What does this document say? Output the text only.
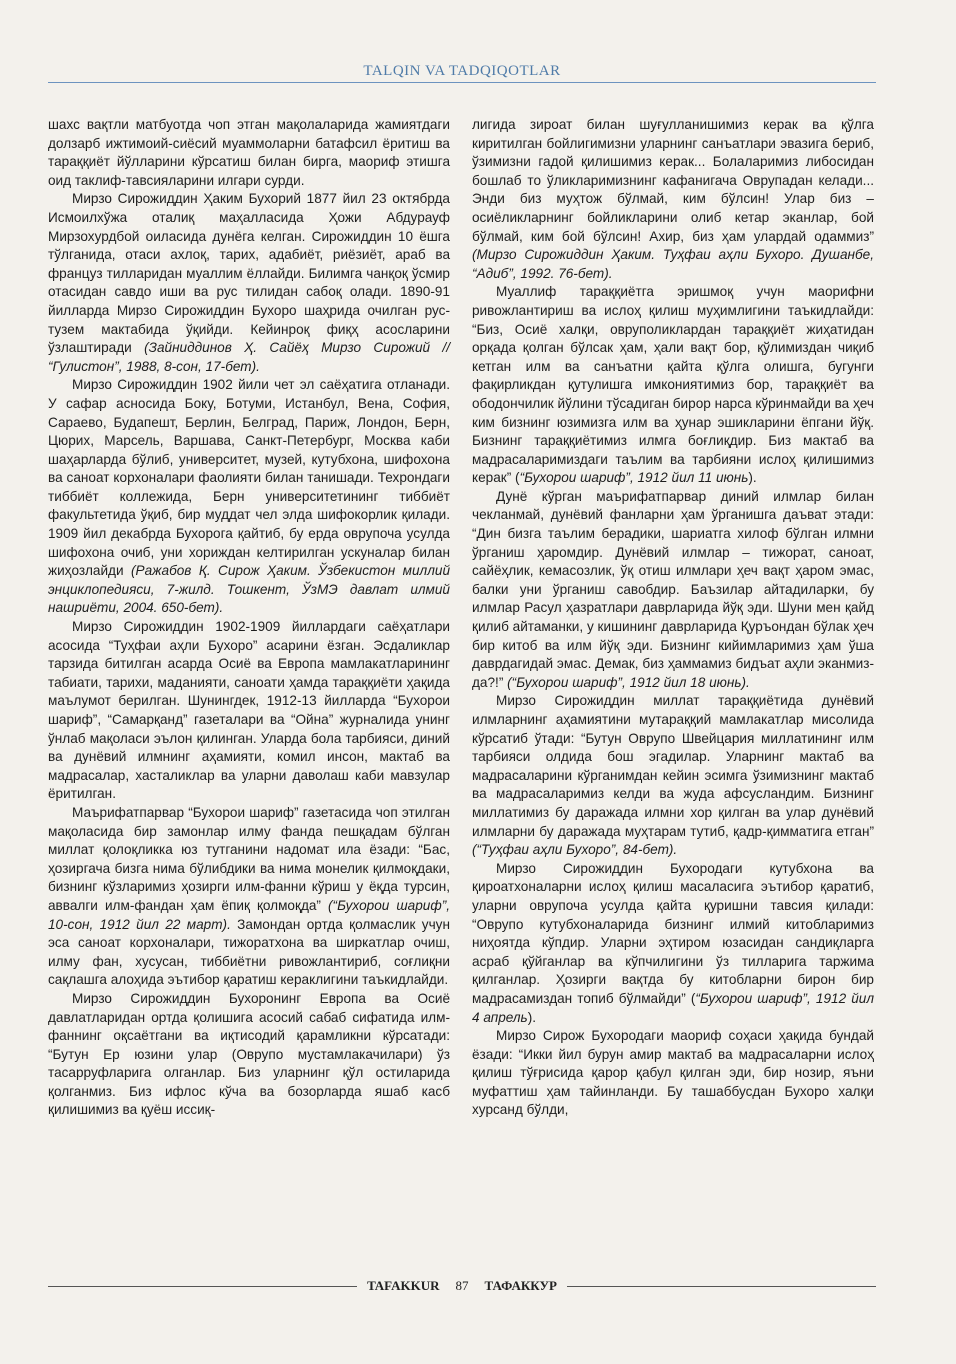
TALQIN VA TADQIQOTLAR

шахс вақтли матбуотда чоп этган мақолаларида жамиятдаги долзарб ижтимоий-сиёсий муаммоларни батафсил ёритиш ва тараққиёт йўлларини кўрсатиш билан бирга, маориф этишга оид таклиф-тавсияларини илгари сурди.

Мирзо Сирожиддин Ҳаким Бухорий 1877 йил 23 октябрда Исмоилхўжа оталиқ маҳалласида Ҳожи Абдурауф Мирзохурдбой оиласида дунёга келган. Сирожиддин 10 ёшга тўлганида, отаси ахлоқ, тарих, адабиёт, риёзиёт, араб ва француз тилларидан муаллим ёллайди. Билимга чанқоқ ўсмир отасидан савдо иши ва рус тилидан сабоқ олади. 1890-91 йилларда Мирзо Сирожиддин Бухоро шаҳрида очилган рус-тузем мактабида ўқийди. Кейинроқ фиқҳ асосларини ўзлаштиради (Зайниддинов Ҳ. Сайёҳ Мирзо Сирожий // “Гулистон”, 1988, 8-сон, 17-бет).

Мирзо Сирожиддин 1902 йили чет эл саёҳатига отланади. У сафар асносида Боку, Ботуми, Истанбул, Вена, София, Сараево, Будапешт, Берлин, Белград, Париж, Лондон, Берн, Цюрих, Марсель, Варшава, Санкт-Петербург, Москва каби шаҳарларда бўлиб, университет, музей, кутубхона, шифохона ва саноат корхоналари фаолияти билан танишади. Техрондаги тиббиёт коллежида, Берн университетининг тиббиёт факультетида ўқиб, бир муддат чел элда шифокорлик қилади. 1909 йил декабрда Бухорога қайтиб, бу ерда оврупоча усулда шифохона очиб, уни хориждан келтирилган ускуналар билан жиҳозлайди (Ражабов Қ. Сирож Ҳаким. Ўзбекистон миллий энциклопедияси, 7-жилд. Тошкент, ЎзМЭ давлат илмий нашриёти, 2004. 650-бет).

Мирзо Сирожиддин 1902-1909 йиллардаги саёҳатлари асосида “Туҳфаи аҳли Бухоро” асарини ёзган. Эсдаликлар тарзида битилган асарда Осиё ва Европа мамлакатларининг табиати, тарихи, маданияти, саноати ҳамда тараққиёти ҳақида маълумот берилган. Шунингдек, 1912-13 йилларда “Бухорои шариф”, “Самарқанд” газеталари ва “Ойна” журналида унинг ўнлаб мақоласи эълон қилинган. Уларда бола тарбияси, диний ва дунёвий илмнинг аҳамияти, комил инсон, мактаб ва мадрасалар, хасталиклар ва уларни даволаш каби мавзулар ёритилган.

Маърифатпарвар “Бухорои шариф” газетасида чоп этилган мақоласида бир замонлар илму фанда пешқадам бўлган миллат қолоқликка юз тутганини надомат ила ёзади: “Бас, ҳозиргача бизга нима бўлибдики ва нима монелик қилмоқдаки, бизнинг кўзларимиз ҳозирги илм-фанни кўриш у ёқда турсин, аввалги илм-фандан ҳам ёпиқ қолмоқда” (“Бухорои шариф”, 10-сон, 1912 йил 22 март). Замондан ортда қолмаслик учун эса саноат корхоналари, тижоратхона ва ширкатлар очиш, илму фан, хусусан, тиббиётни ривожлантириб, соғлиқни сақлашга алоҳида эътибор қаратиш кераклигини таъкидлайди.

Мирзо Сирожиддин Бухоронинг Европа ва Осиё давлатларидан ортда қолишига асосий сабаб сифатида илм-фаннинг оқсаётгани ва иқтисодий қарамликни кўрсатади: “Бутун Ер юзини улар (Оврупо мустамлакачилари) ўз тасарруфларига олганлар. Биз уларнинг қўл остиларида қолганмиз. Биз ифлос кўча ва бозорларда яшаб касб қилишимиз ва қуёш иссиқ-

лигида зироат билан шуғулланишимиз керак ва қўлга киритилган бойлигимизни уларнинг санъатлари эвазига бериб, ўзимизни гадой қилишимиз керак... Болаларимиз либосидан бошлаб то ўликларимизнинг кафанигача Оврупадан келади... Энди биз муҳтож бўлмай, ким бўлсин! Улар биз – осиёликларнинг бойликларини олиб кетар эканлар, бой бўлмай, ким бой бўлсин! Ахир, биз ҳам улардай одаммиз” (Мирзо Сирожиддин Ҳаким. Туҳфаи аҳли Бухоро. Душанбе, “Адиб”, 1992. 76-бет).

Муаллиф тараққиётга эришмоқ учун маорифни ривожлантириш ва ислоҳ қилиш муҳимлигини таъкидлайди: “Биз, Осиё халқи, овруполиклардан тараққиёт жиҳатидан орқада қолган бўлсак ҳам, ҳали вақт бор, қўлимиздан чиқиб кетган илм ва санъатни қайта қўлга олишга, бугунги фақирликдан қутулишга имкониятимиз бор, тараққиёт ва ободончилик йўлини тўсадиган бирор нарса кўринмайди ва ҳеч ким бизнинг юзимизга илм ва ҳунар эшикларини ёпгани йўқ. Бизнинг тараққиётимиз илмга боғлиқдир. Биз мактаб ва мадрасаларимиздаги таълим ва тарбияни ислоҳ қилишимиз керак” (“Бухорои шариф”, 1912 йил 11 июнь).

Дунё кўрган маърифатпарвар диний илмлар билан чекланмай, дунёвий фанларни ҳам ўрганишга даъват этади: “Дин бизга таълим берадики, шариатга хилоф бўлган илмни ўрганиш ҳаромдир. Дунёвий илмлар – тижорат, саноат, сайёҳлик, кемасозлик, ўқ отиш илмлари ҳеч вақт ҳаром эмас, балки уни ўрганиш савобдир. Баъзилар айтадиларки, бу илмлар Расул ҳазратлари даврларида йўқ эди. Шуни мен қайд қилиб айтаманки, у кишининг даврларида Қуръондан бўлак ҳеч бир китоб ва илм йўқ эди. Бизнинг кийимларимиз ҳам ўша даврдагидай эмас. Демак, биз ҳаммамиз бидъат аҳли эканмиз-да?!” (“Бухорои шариф”, 1912 йил 18 июнь).

Мирзо Сирожиддин миллат тараққиётида дунёвий илмларнинг аҳамиятини мутараққий мамлакатлар мисолида кўрсатиб ўтади: “Бутун Оврупо Швейцария миллатининг илм тарбияси олдида бош эгадилар. Уларнинг мактаб ва мадрасаларини кўрганимдан кейин эсимга ўзимизнинг мактаб ва мадрасаларимиз келди ва жуда афсусландим. Бизнинг миллатимиз бу даражада илмни хор қилган ва улар дунёвий илмларни бу даражада муҳтарам тутиб, қадр-қимматига етган” (“Туҳфаи аҳли Бухоро”, 84-бет).

Мирзо Сирожиддин Бухородаги кутубхона ва қироатхоналарни ислоҳ қилиш масаласига эътибор қаратиб, уларни оврупоча усулда қайта қуришни тавсия қилади: “Оврупо кутубхоналарида бизнинг илмий китобларимиз ниҳоятда кўпдир. Уларни эҳтиром юзасидан сандиқларга асраб қўйганлар ва кўпчилигини ўз тилларига таржима қилганлар. Ҳозирги вақтда бу китобларни бирон бир мадрасамиздан топиб бўлмайди” (“Бухорои шариф”, 1912 йил 4 апрель).

Мирзо Сирож Бухородаги маориф соҳаси ҳақида бундай ёзади: “Икки йил бурун амир мактаб ва мадрасаларни ислоҳ қилиш тўғрисида қарор қабул қилган эди, бир нозир, яъни муфаттиш ҳам тайинланди. Бу ташаббусдан Бухоро халқи хурсанд бўлди,

TAFAKKUR	87	ТАФАККУР
